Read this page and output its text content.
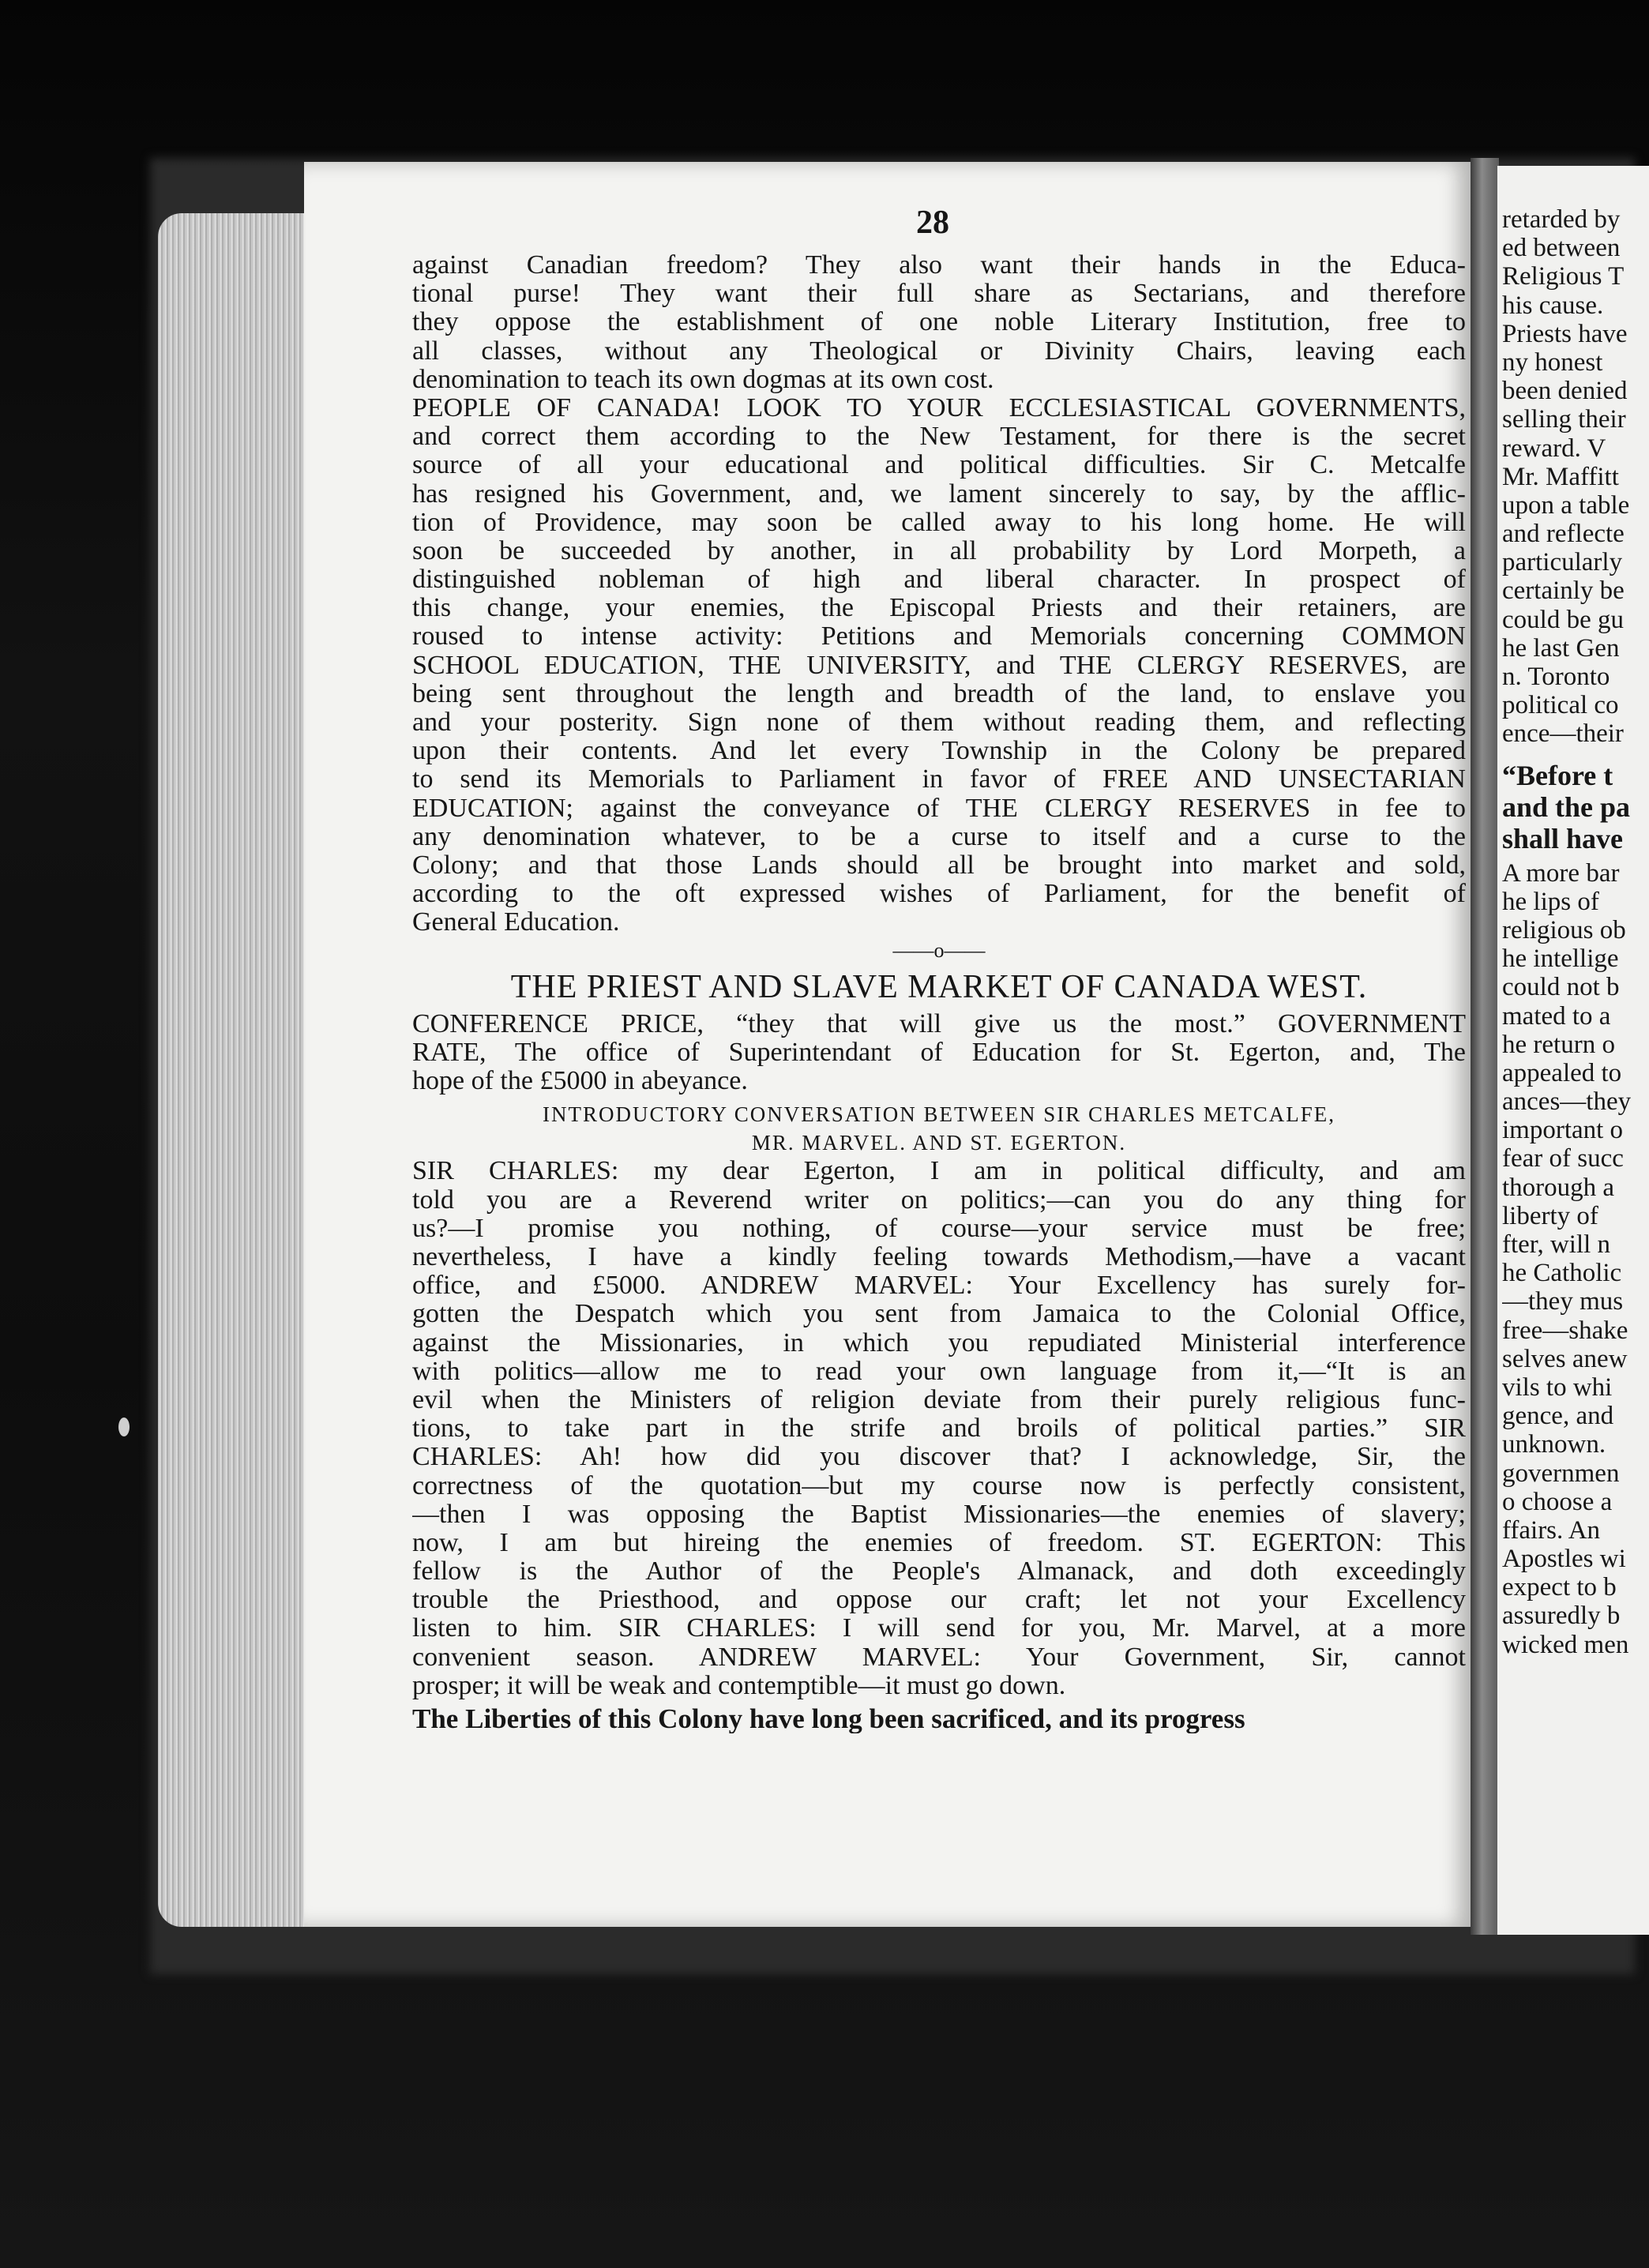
28
against Canadian freedom? They also want their hands in the Educa-
tional purse! They want their full share as Sectarians, and therefore
they oppose the establishment of one noble Literary Institution, free to
all classes, without any Theological or Divinity Chairs, leaving each
denomination to teach its own dogmas at its own cost.
PEOPLE OF CANADA! LOOK TO YOUR ECCLESIASTICAL GOVERNMENTS,
and correct them according to the New Testament, for there is the secret
source of all your educational and political difficulties. Sir C. Metcalfe
has resigned his Government, and, we lament sincerely to say, by the afflic-
tion of Providence, may soon be called away to his long home. He will
soon be succeeded by another, in all probability by Lord Morpeth, a
distinguished nobleman of high and liberal character. In prospect of
this change, your enemies, the Episcopal Priests and their retainers, are
roused to intense activity: Petitions and Memorials concerning COMMON
SCHOOL EDUCATION, THE UNIVERSITY, and THE CLERGY RESERVES, are
being sent throughout the length and breadth of the land, to enslave you
and your posterity. Sign none of them without reading them, and reflecting
upon their contents. And let every Township in the Colony be prepared
to send its Memorials to Parliament in favor of FREE AND UNSECTARIAN
EDUCATION; against the conveyance of THE CLERGY RESERVES in fee to
any denomination whatever, to be a curse to itself and a curse to the
Colony; and that those Lands should all be brought into market and sold,
according to the oft expressed wishes of Parliament, for the benefit of
General Education.
——o——
THE PRIEST AND SLAVE MARKET OF CANADA WEST.
CONFERENCE PRICE, “they that will give us the most.” GOVERNMENT
RATE, The office of Superintendant of Education for St. Egerton, and, The
hope of the £5000 in abeyance.
INTRODUCTORY CONVERSATION BETWEEN SIR CHARLES METCALFE,
MR. MARVEL. AND ST. EGERTON.
SIR CHARLES: my dear Egerton, I am in political difficulty, and am
told you are a Reverend writer on politics;—can you do any thing for
us?—I promise you nothing, of course—your service must be free;
nevertheless, I have a kindly feeling towards Methodism,—have a vacant
office, and £5000. ANDREW MARVEL: Your Excellency has surely for-
gotten the Despatch which you sent from Jamaica to the Colonial Office,
against the Missionaries, in which you repudiated Ministerial interference
with politics—allow me to read your own language from it,—“It is an
evil when the Ministers of religion deviate from their purely religious func-
tions, to take part in the strife and broils of political parties.” SIR
CHARLES: Ah! how did you discover that? I acknowledge, Sir, the
correctness of the quotation—but my course now is perfectly consistent,
—then I was opposing the Baptist Missionaries—the enemies of slavery;
now, I am but hireing the enemies of freedom. ST. EGERTON: This
fellow is the Author of the People's Almanack, and doth exceedingly
trouble the Priesthood, and oppose our craft; let not your Excellency
listen to him. SIR CHARLES: I will send for you, Mr. Marvel, at a more
convenient season. ANDREW MARVEL: Your Government, Sir, cannot
prosper; it will be weak and contemptible—it must go down.
The Liberties of this Colony have long been sacrificed, and its progress
retarded by
ed between
Religious T
his cause.
Priests have
ny honest
been denied
selling their
reward. V
Mr. Maffitt
upon a table
and reflecte
particularly
certainly be
could be gu
he last Gen
n. Toronto
political co
ence—their
“Before t
and the pa
shall have
A more bar
he lips of
religious ob
he intellige
could not b
mated to a
he return o
appealed to
ances—they
important o
fear of succ
thorough a
liberty of
fter, will n
he Catholic
—they mus
free—shake
selves anew
vils to whi
gence, and
unknown.
governmen
o choose a
ffairs. An
Apostles wi
expect to b
assuredly b
wicked men
